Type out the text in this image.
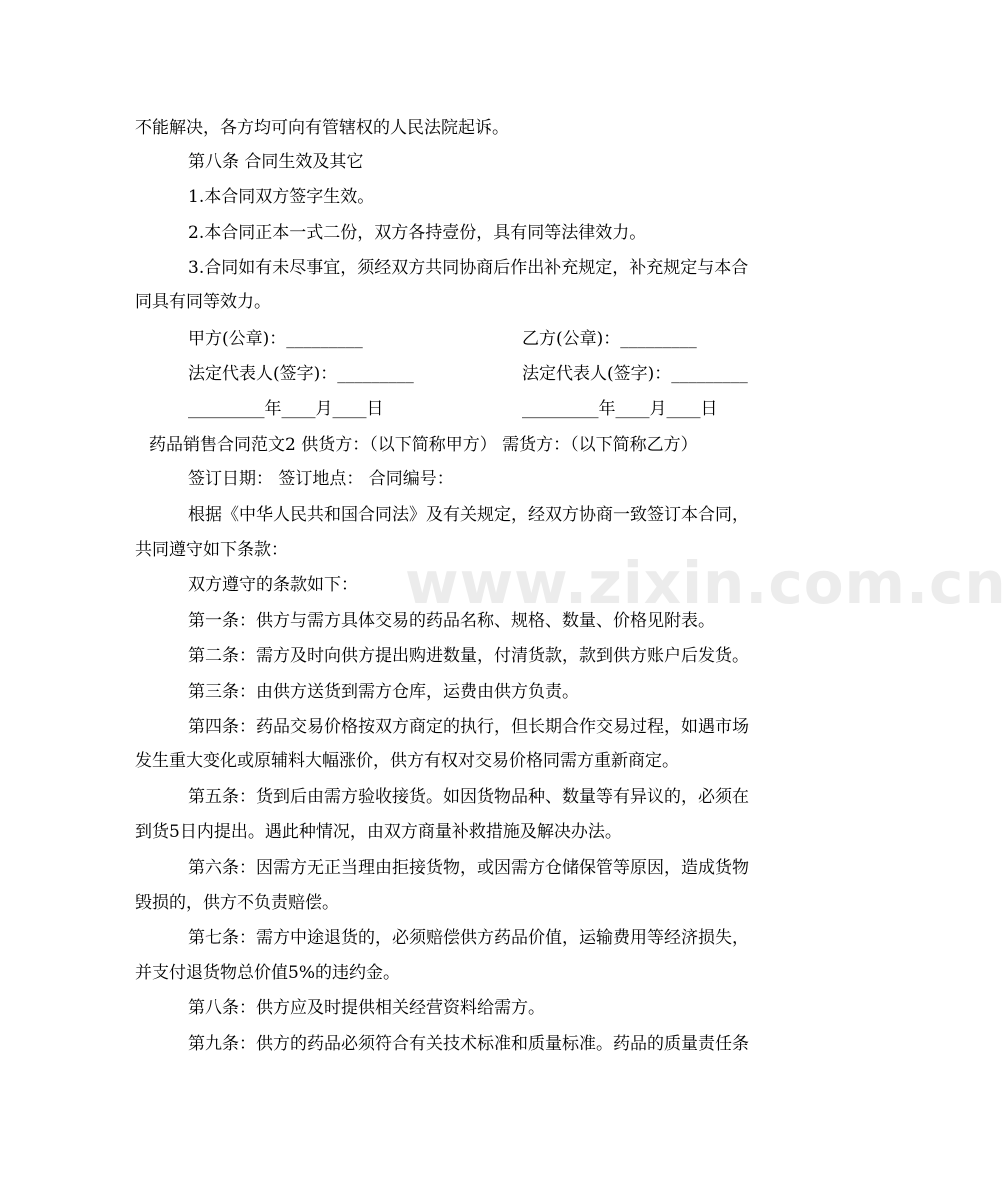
www.zixin.com.cn
不能解决，各方均可向有管辖权的人民法院起诉。
第八条 合同生效及其它
1.本合同双方签字生效。
2.本合同正本一式二份，双方各持壹份，具有同等法律效力。
3.合同如有未尽事宜，须经双方共同协商后作出补充规定，补充规定与本合
同具有同等效力。
甲方(公章)：_________	乙方(公章)：_________
法定代表人(签字)：_________	法定代表人(签字)：_________
_________年____月____日	_________年____月____日
药品销售合同范文2 供货方：（以下简称甲方） 需货方：（以下简称乙方）
签订日期： 签订地点： 合同编号：
根据《中华人民共和国合同法》及有关规定，经双方协商一致签订本合同，
共同遵守如下条款：
双方遵守的条款如下：
第一条：供方与需方具体交易的药品名称、规格、数量、价格见附表。
第二条：需方及时向供方提出购进数量，付清货款，款到供方账户后发货。
第三条：由供方送货到需方仓库，运费由供方负责。
第四条：药品交易价格按双方商定的执行，但长期合作交易过程，如遇市场
发生重大变化或原辅料大幅涨价，供方有权对交易价格同需方重新商定。
第五条：货到后由需方验收接货。如因货物品种、数量等有异议的，必须在
到货5日内提出。遇此种情况，由双方商量补救措施及解决办法。
第六条：因需方无正当理由拒接货物，或因需方仓储保管等原因，造成货物
毁损的，供方不负责赔偿。
第七条：需方中途退货的，必须赔偿供方药品价值，运输费用等经济损失，
并支付退货物总价值5%的违约金。
第八条：供方应及时提供相关经营资料给需方。
第九条：供方的药品必须符合有关技术标准和质量标准。药品的质量责任条
